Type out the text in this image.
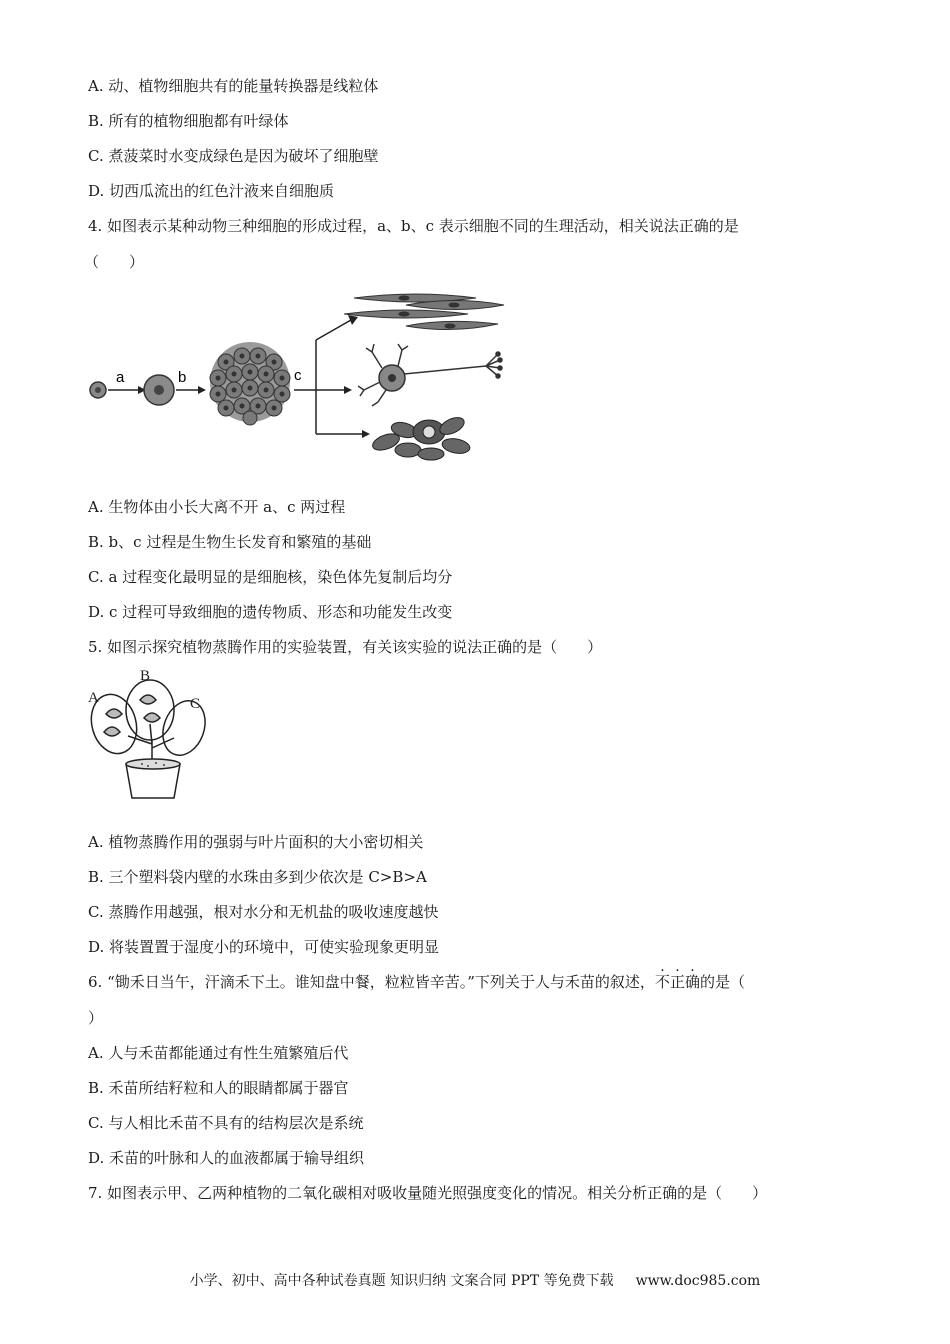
A. 动、植物细胞共有的能量转换器是线粒体
B. 所有的植物细胞都有叶绿体
C. 煮菠菜时水变成绿色是因为破坏了细胞壁
D. 切西瓜流出的红色汁液来自细胞质
4. 如图表示某种动物三种细胞的形成过程，a、b、c 表示细胞不同的生理活动，相关说法正确的是
（　　）
a	b	c
A. 生物体由小长大离不开 a、c 两过程
B. b、c 过程是生物生长发育和繁殖的基础
C. a 过程变化最明显的是细胞核，染色体先复制后均分
D. c 过程可导致细胞的遗传物质、形态和功能发生改变
5. 如图示探究植物蒸腾作用的实验装置，有关该实验的说法正确的是（　　）
A
B
C
A. 植物蒸腾作用的强弱与叶片面积的大小密切相关
B. 三个塑料袋内壁的水珠由多到少依次是 C>B>A
C. 蒸腾作用越强，根对水分和无机盐的吸收速度越快
D. 将装置置于湿度小的环境中，可使实验现象更明显
6. “锄禾日当午，汗滴禾下土。谁知盘中餐，粒粒皆辛苦。”下列关于人与禾苗的叙述，不正确的是（
）
A. 人与禾苗都能通过有性生殖繁殖后代
B. 禾苗所结籽粒和人的眼睛都属于器官
C. 与人相比禾苗不具有的结构层次是系统
D. 禾苗的叶脉和人的血液都属于输导组织
7. 如图表示甲、乙两种植物的二氧化碳相对吸收量随光照强度变化的情况。相关分析正确的是（　　）
小学、初中、高中各种试卷真题 知识归纳 文案合同 PPT 等免费下载 www.doc985.com
